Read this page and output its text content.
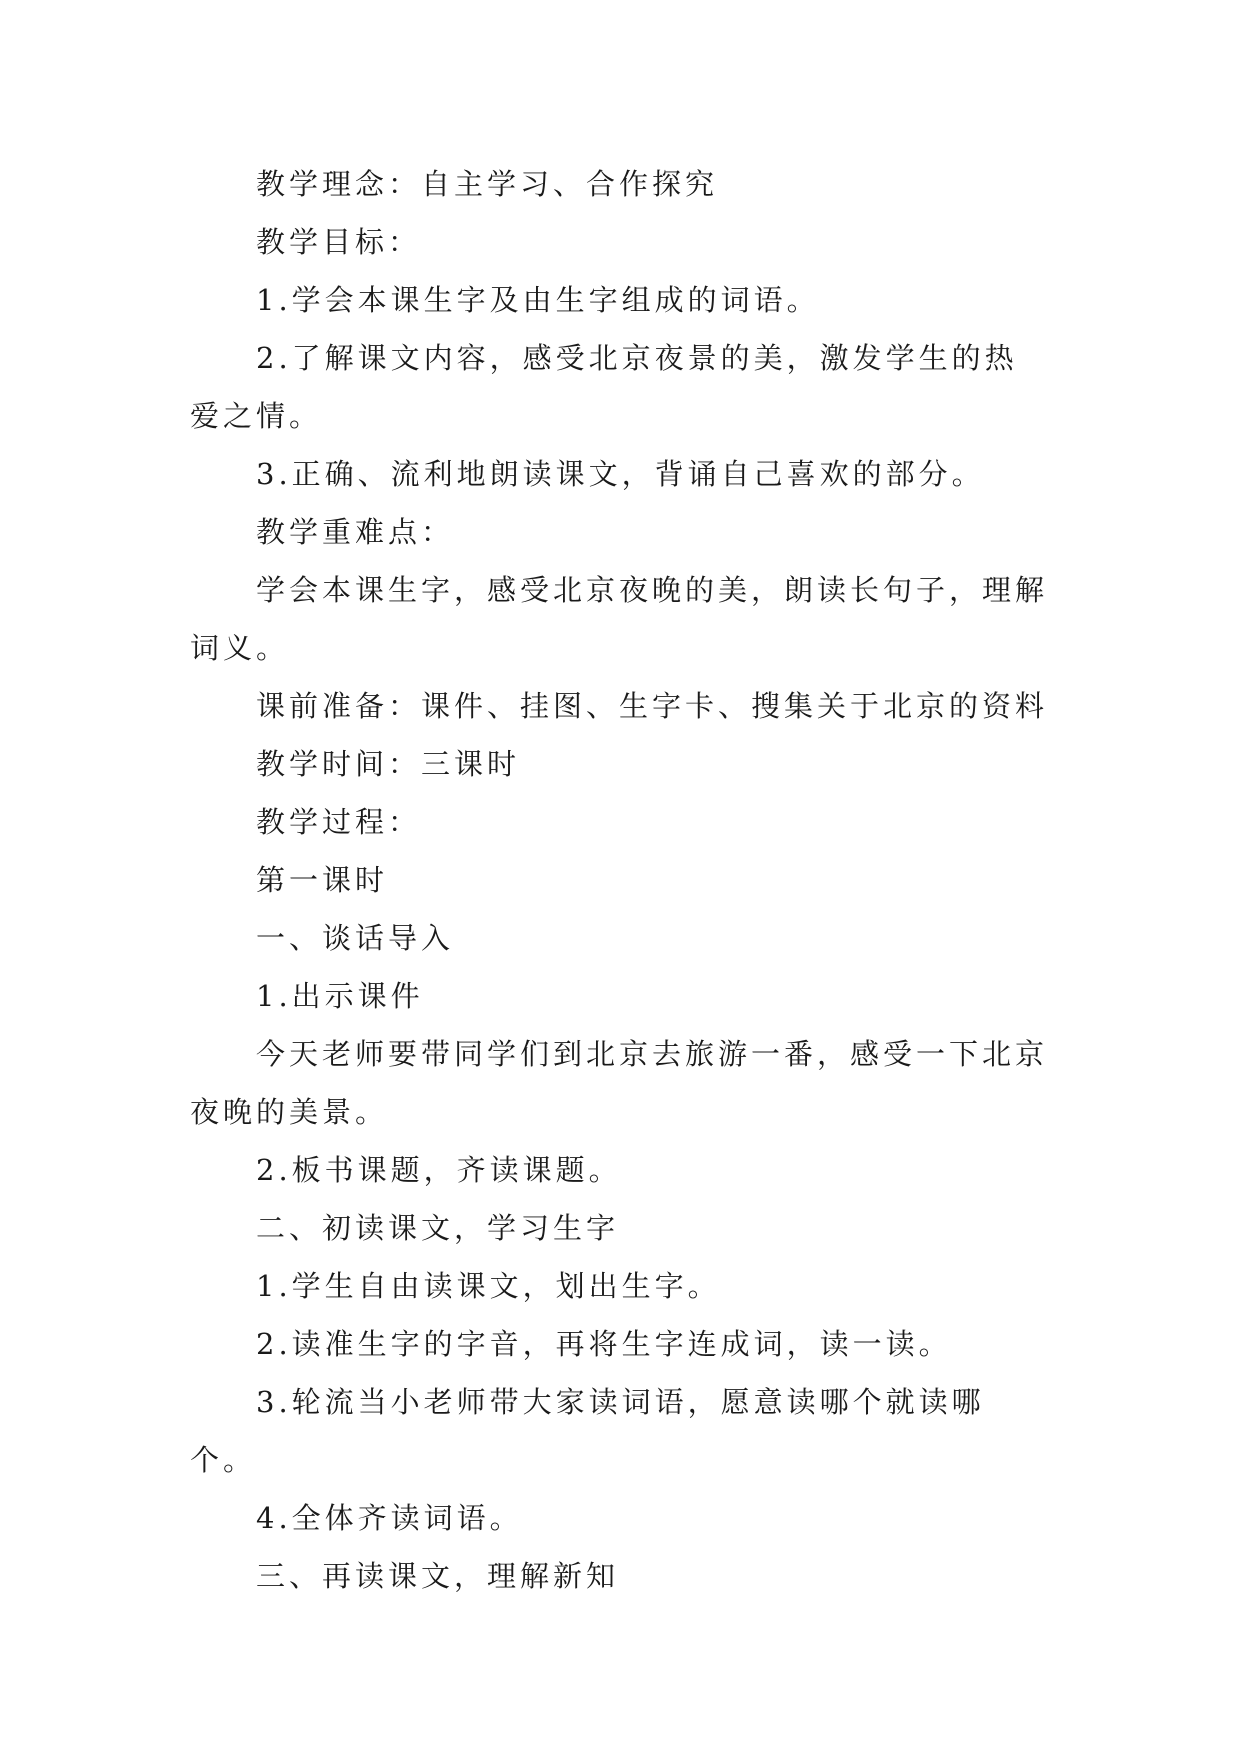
教学理念：自主学习、合作探究

教学目标：

1.学会本课生字及由生字组成的词语。

2.了解课文内容，感受北京夜景的美，激发学生的热爱之情。

3.正确、流利地朗读课文，背诵自己喜欢的部分。

教学重难点：

学会本课生字，感受北京夜晚的美，朗读长句子，理解词义。

课前准备：课件、挂图、生字卡、搜集关于北京的资料

教学时间：三课时

教学过程：

第一课时

一、谈话导入

1.出示课件

今天老师要带同学们到北京去旅游一番，感受一下北京夜晚的美景。

2.板书课题，齐读课题。

二、初读课文，学习生字

1.学生自由读课文，划出生字。

2.读准生字的字音，再将生字连成词，读一读。

3.轮流当小老师带大家读词语，愿意读哪个就读哪个。

4.全体齐读词语。

三、再读课文，理解新知
